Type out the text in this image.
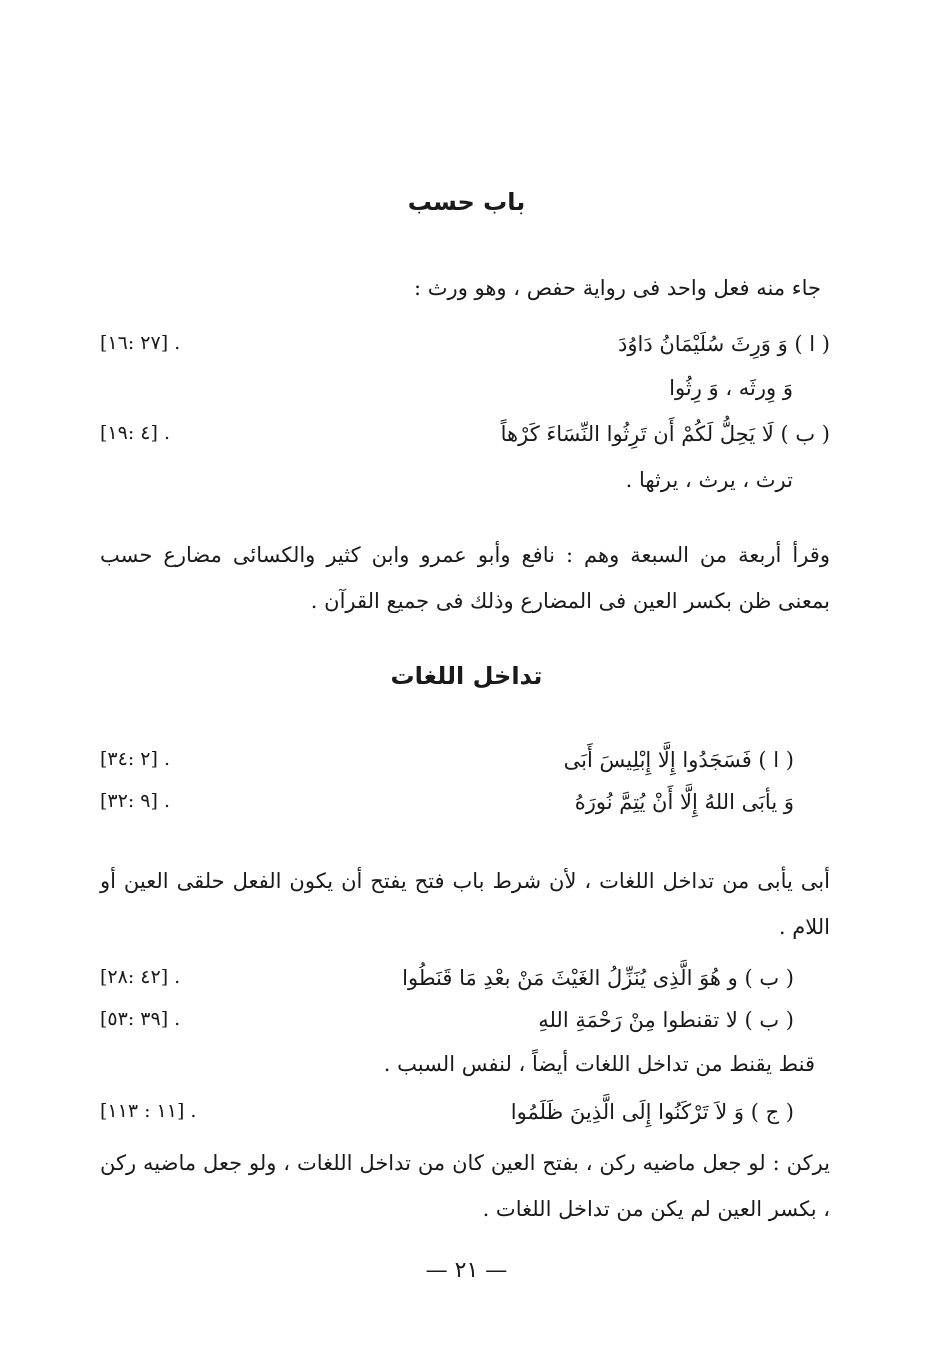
باب حسب
جاء منه فعل واحد فى رواية حفص ، وهو ورث :
( ا ) وَ وَرِثَ سُلَيْمَانُ دَاوُدَ
. [٢٧ :١٦]
وَ وِرثَه ، وَ رِثُوا
( ب ) لَا يَحِلُّ لَكُمْ أَن تَرِثُوا النِّسَاءَ كَرْهاً
. [٤ :١٩]
ترث ، يرث ، يرثها .
وقرأ أربعة من السبعة وهم : نافع وأبو عمرو وابن كثير والكسائى مضارع حسب بمعنى ظن بكسر العين فى المضارع وذلك فى جميع القرآن .
تداخل اللغات
( ا ) فَسَجَدُوا إِلَّا إِبْلِيسَ أَبَى
. [٢ :٣٤]
وَ يأبَى اللهُ إِلَّا أَنْ يُتِمَّ نُورَهُ
. [٩ :٣٢]
أبى يأبى من تداخل اللغات ، لأن شرط باب فتح يفتح أن يكون الفعل حلقى العين أو اللام .
( ب ) و هُوَ الَّذِى يُنَزِّلُ الغَيْثَ مَنْ بعْدِ مَا قَنَطُوا
. [٤٢ :٢٨]
( ب ) لا تقنطوا مِنْ رَحْمَةِ اللهِ
. [٣٩ :٥٣]
قنط يقنط من تداخل اللغات أيضاً ، لنفس السبب .
( ج ) وَ لاَ تَرْكَنُوا إِلَى الَّذِينَ ظَلَمُوا
. [١١ : ١١٣]
يركن : لو جعل ماضيه ركن ، بفتح العين كان من تداخل اللغات ، ولو جعل ماضيه ركن ، بكسر العين لم يكن من تداخل اللغات .
— ٢١ —
